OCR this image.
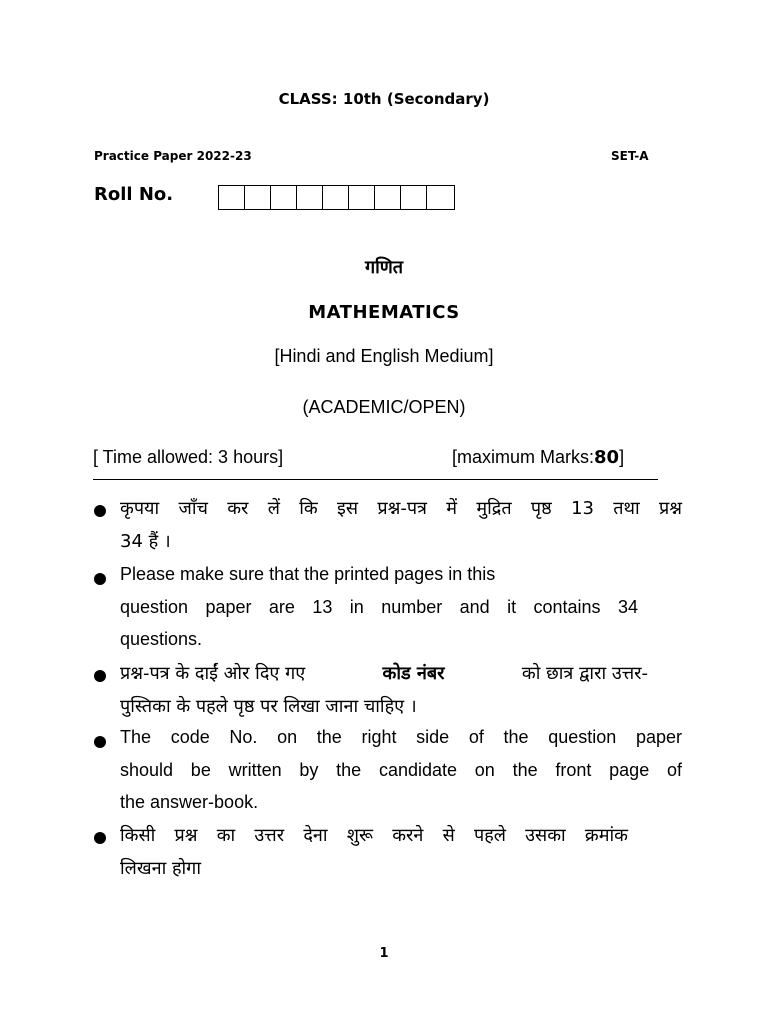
CLASS: 10th (Secondary)
Practice Paper 2022-23	SET-A
Roll No.
गणित
MATHEMATICS
[Hindi and English Medium]
(ACADEMIC/OPEN)
[ Time allowed: 3 hours]	[maximum Marks:80]
कृपया जाँच कर लें कि इस प्रश्न-पत्र में मुद्रित पृष्ठ 13 तथा प्रश्न
34 हैं ।
Please make sure that the printed pages in this
question paper are 13 in number and it contains 34
questions.
प्रश्न-पत्र के दाईं ओर दिए गए	कोड नंबर	को छात्र द्वारा उत्तर-
पुस्तिका के पहले पृष्ठ पर लिखा जाना चाहिए ।
The code No. on the right side of the question paper
should be written by the candidate on the front page of
the answer-book.
किसी प्रश्न का उत्तर देना शुरू करने से पहले उसका क्रमांक
लिखना होगा
1
